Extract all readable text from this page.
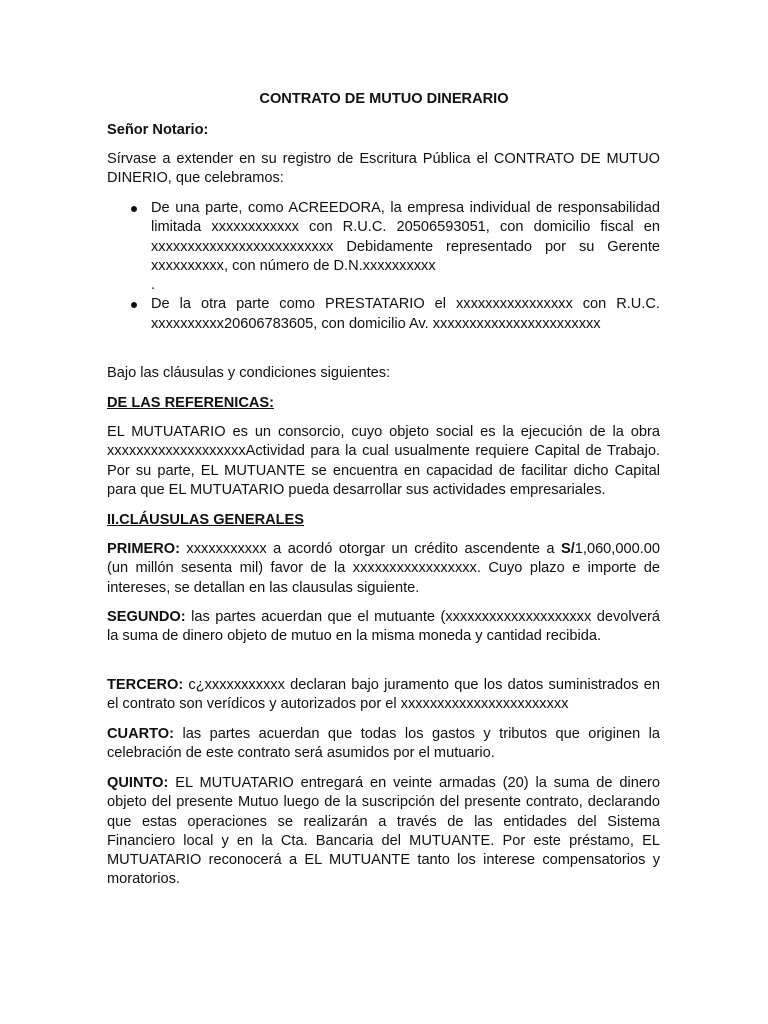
CONTRATO DE MUTUO DINERARIO
Señor Notario:
Sírvase a extender en su registro de Escritura Pública el CONTRATO DE MUTUO DINERIO, que celebramos:
De una parte, como ACREEDORA, la empresa individual de responsabilidad limitada xxxxxxxxxxxx con R.U.C. 20506593051, con domicilio fiscal en xxxxxxxxxxxxxxxxxxxxxxxxx Debidamente representado por su Gerente xxxxxxxxxx, con número de D.N.xxxxxxxxxx
.
De la otra parte como PRESTATARIO el xxxxxxxxxxxxxxxx con R.U.C. xxxxxxxxxx20606783605, con domicilio Av. xxxxxxxxxxxxxxxxxxxxxxx
Bajo las cláusulas y condiciones siguientes:
DE LAS REFERENICAS:
EL MUTUATARIO es un consorcio, cuyo objeto social es la ejecución de la obra xxxxxxxxxxxxxxxxxxxActividad para la cual usualmente requiere Capital de Trabajo. Por su parte, EL MUTUANTE se encuentra en capacidad de facilitar dicho Capital para que EL MUTUATARIO pueda desarrollar sus actividades empresariales.
II.CLÁUSULAS GENERALES
PRIMERO: xxxxxxxxxxx a acordó otorgar un crédito ascendente a S/1,060,000.00 (un millón sesenta mil) favor de la xxxxxxxxxxxxxxxxx. Cuyo plazo e importe de intereses, se detallan en las clausulas siguiente.
SEGUNDO: las partes acuerdan que el mutuante (xxxxxxxxxxxxxxxxxxxx devolverá la suma de dinero objeto de mutuo en la misma moneda y cantidad recibida.
TERCERO: c¿xxxxxxxxxxx declaran bajo juramento que los datos suministrados en el contrato son verídicos y autorizados por el xxxxxxxxxxxxxxxxxxxxxxx
CUARTO: las partes acuerdan que todas los gastos y tributos que originen la celebración de este contrato será asumidos por el mutuario.
QUINTO: EL MUTUATARIO entregará en veinte armadas (20) la suma de dinero objeto del presente Mutuo luego de la suscripción del presente contrato, declarando que estas operaciones se realizarán a través de las entidades del Sistema Financiero local y en la Cta. Bancaria del MUTUANTE. Por este préstamo, EL MUTUATARIO reconocerá a EL MUTUANTE tanto los interese compensatorios y moratorios.
